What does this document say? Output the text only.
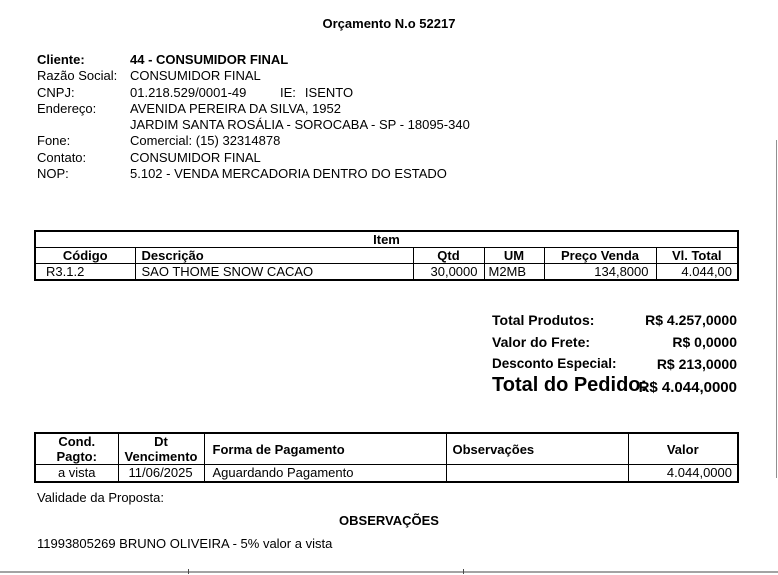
Orçamento N.o 52217
Cliente:	44 - CONSUMIDOR FINAL
Razão Social: CONSUMIDOR FINAL
CNPJ:	01.218.529/0001-49	IE: ISENTO
Endereço:	AVENIDA PEREIRA DA SILVA, 1952
JARDIM SANTA ROSÁLIA - SOROCABA - SP - 18095-340
Fone:	Comercial: (15) 32314878
Contato:	CONSUMIDOR FINAL
NOP:	5.102 - VENDA MERCADORIA DENTRO DO ESTADO
Item					
Código	Descrição	Qtd	UM	Preço Venda	Vl. Total
R3.1.2	SAO THOME SNOW CACAO	30,0000	M2MB	134,8000	4.044,00
Total Produtos:	R$ 4.257,0000
Valor do Frete:	R$ 0,0000
Desconto Especial:	R$ 213,0000
Total do Pedido:
R$ 4.044,0000
Cond. Pagto:	Dt Vencimento	Forma de Pagamento	Observações	Valor
a vista	11/06/2025	Aguardando Pagamento		4.044,0000
Validade da Proposta:
OBSERVAÇÕES
11993805269 BRUNO OLIVEIRA - 5% valor a vista
